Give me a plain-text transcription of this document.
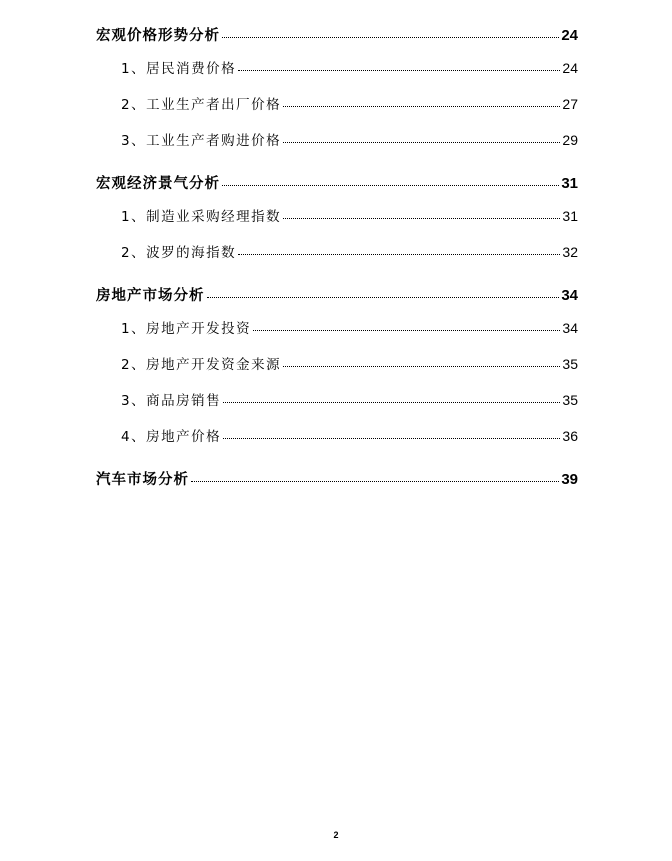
宏观价格形势分析	24
1、居民消费价格	24
2、工业生产者出厂价格	27
3、工业生产者购进价格	29
宏观经济景气分析	31
1、制造业采购经理指数	31
2、波罗的海指数	32
房地产市场分析	34
1、房地产开发投资	34
2、房地产开发资金来源	35
3、商品房销售	35
4、房地产价格	36
汽车市场分析	39
2
